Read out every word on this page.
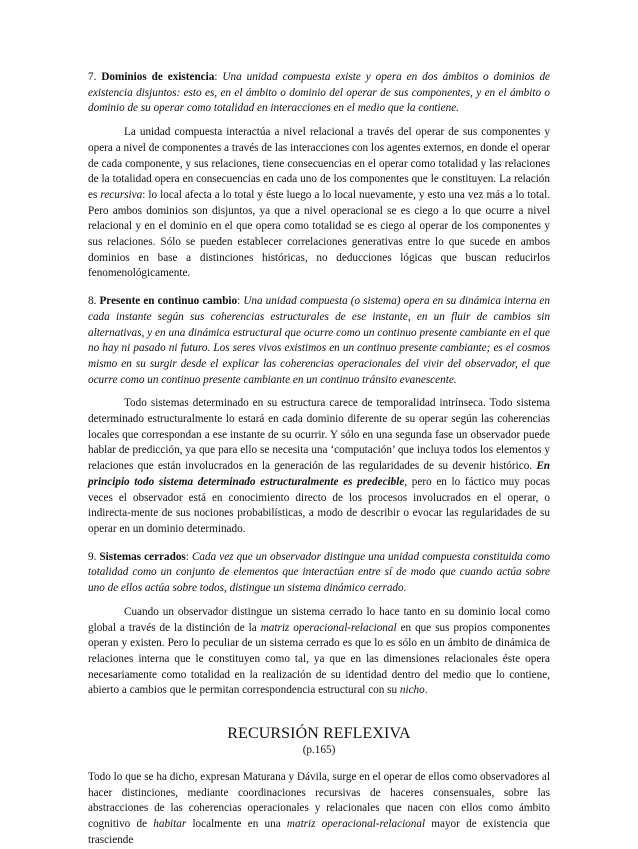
7. Dominios de existencia: Una unidad compuesta existe y opera en dos ámbitos o dominios de existencia disjuntos: esto es, en el ámbito o dominio del operar de sus componentes, y en el ámbito o dominio de su operar como totalidad en interacciones en el medio que la contiene.

La unidad compuesta interactúa a nivel relacional a través del operar de sus componentes y opera a nivel de componentes a través de las interacciones con los agentes externos, en donde el operar de cada componente, y sus relaciones, tiene consecuencias en el operar como totalidad y las relaciones de la totalidad opera en consecuencias en cada uno de los componentes que le constituyen. La relación es recursiva: lo local afecta a lo total y éste luego a lo local nuevamente, y esto una vez más a lo total. Pero ambos dominios son disjuntos, ya que a nivel operacional se es ciego a lo que ocurre a nivel relacional y en el dominio en el que opera como totalidad se es ciego al operar de los componentes y sus relaciones. Sólo se pueden establecer correlaciones generativas entre lo que sucede en ambos dominios en base a distinciones históricas, no deducciones lógicas que buscan reducirlos fenomenológicamente.

8. Presente en continuo cambio: Una unidad compuesta (o sistema) opera en su dinámica interna en cada instante según sus coherencias estructurales de ese instante, en un fluir de cambios sin alternativas, y en una dinámica estructural que ocurre como un continuo presente cambiante en el que no hay ni pasado ni futuro. Los seres vivos existimos en un continuo presente cambiante; es el cosmos mismo en su surgir desde el explicar las coherencias operacionales del vivir del observador, el que ocurre como un continuo presente cambiante en un continuo tránsito evanescente.

Todo sistemas determinado en su estructura carece de temporalidad intrínseca. Todo sistema determinado estructuralmente lo estará en cada dominio diferente de su operar según las coherencias locales que correspondan a ese instante de su ocurrir. Y sólo en una segunda fase un observador puede hablar de predicción, ya que para ello se necesita una ‘computación’ que incluya todos los elementos y relaciones que están involucrados en la generación de las regularidades de su devenir histórico. En principio todo sistema determinado estructuralmente es predecible, pero en lo fáctico muy pocas veces el observador está en conocimiento directo de los procesos involucrados en el operar, o indirecta-mente de sus nociones probabilísticas, a modo de describir o evocar las regularidades de su operar en un dominio determinado.

9. Sistemas cerrados: Cada vez que un observador distingue una unidad compuesta constituida como totalidad como un conjunto de elementos que interactúan entre sí de modo que cuando actúa sobre uno de ellos actúa sobre todos, distingue un sistema dinámico cerrado.

Cuando un observador distingue un sistema cerrado lo hace tanto en su dominio local como global a través de la distinción de la matriz operacional-relacional en que sus propios componentes operan y existen. Pero lo peculiar de un sistema cerrado es que lo es sólo en un ámbito de dinámica de relaciones interna que le constituyen como tal, ya que en las dimensiones relacionales éste opera necesariamente como totalidad en la realización de su identidad dentro del medio que lo contiene, abierto a cambios que le permitan correspondencia estructural con su nicho.

RECURSIÓN REFLEXIVA
(p.165)

Todo lo que se ha dicho, expresan Maturana y Dávila, surge en el operar de ellos como observadores al hacer distinciones, mediante coordinaciones recursivas de haceres consensuales, sobre las abstracciones de las coherencias operacionales y relacionales que nacen con ellos como ámbito cognitivo de habitar localmente en una matriz operacional-relacional mayor de existencia que trasciende
